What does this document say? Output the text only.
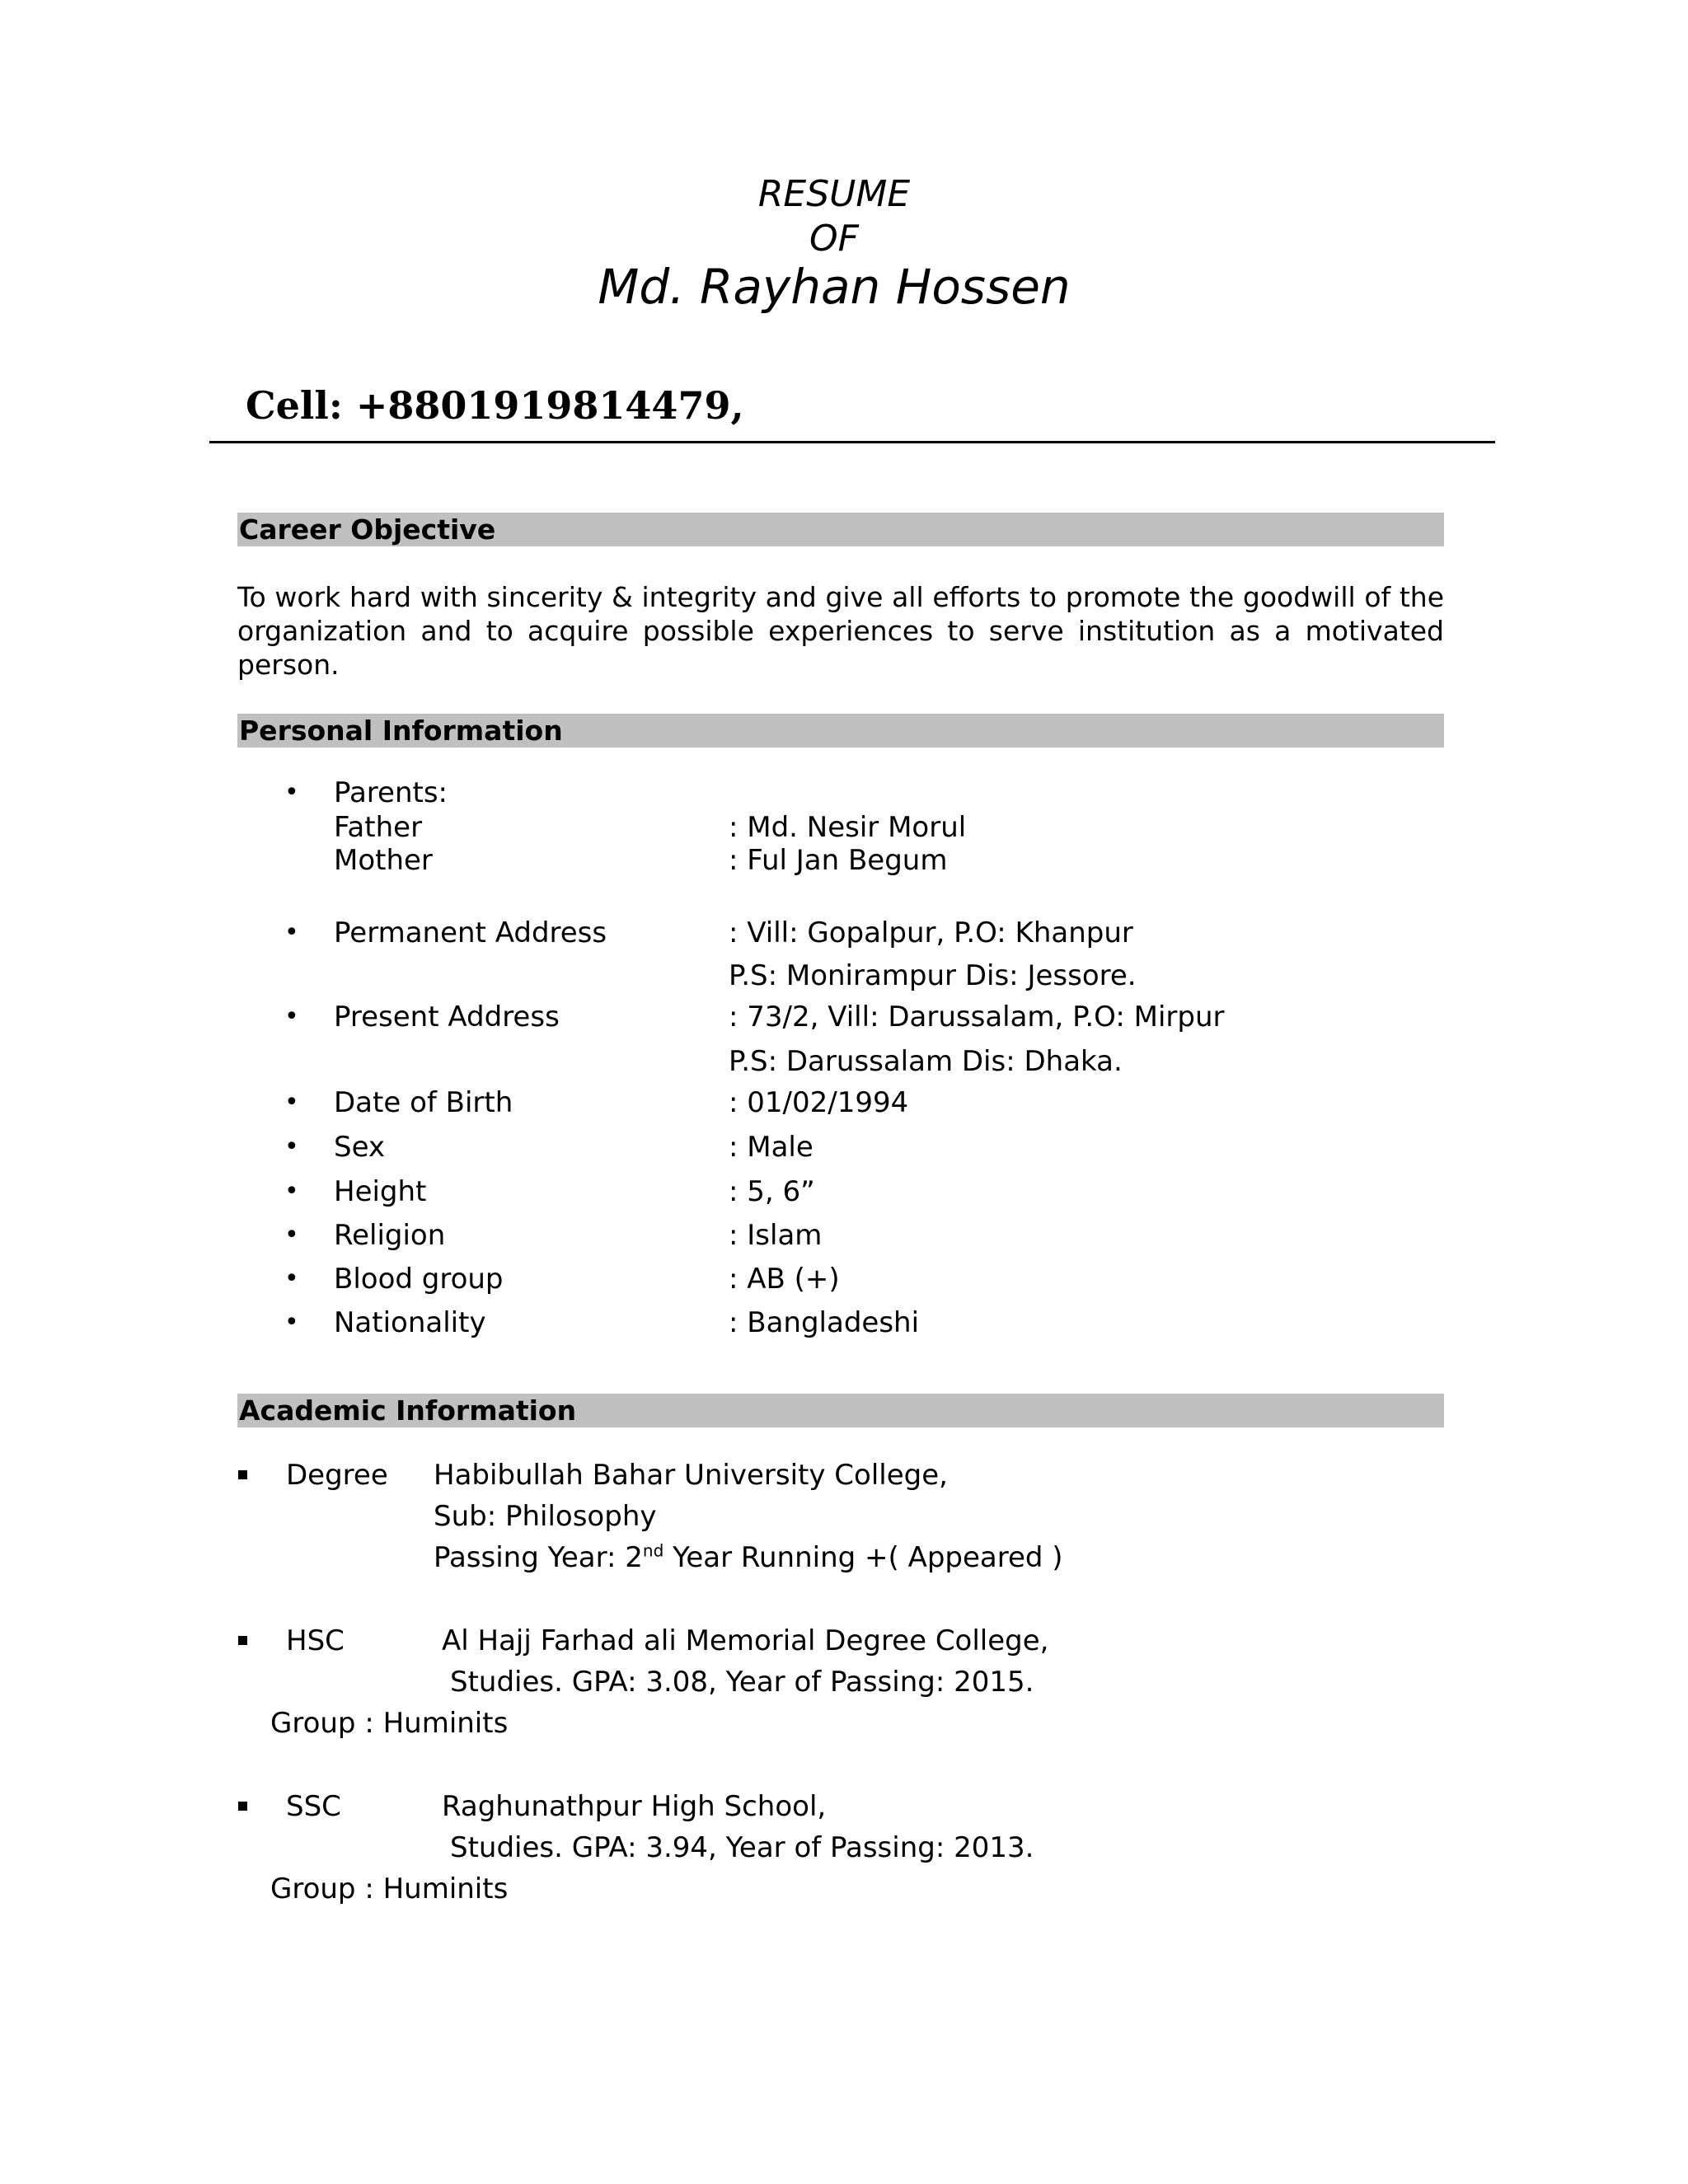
RESUME
OF
Md. Rayhan Hossen
Cell: +8801919814479,
Career Objective
To work hard with sincerity & integrity and give all efforts to promote the goodwill of the organization and to acquire possible experiences to serve institution as a motivated person.
Personal Information
• Parents:
Father	: Md. Nesir Morul
Mother	: Ful Jan Begum
• Permanent Address	: Vill: Gopalpur, P.O: Khanpur
P.S: Monirampur Dis: Jessore.
• Present Address	: 73/2, Vill: Darussalam, P.O: Mirpur
P.S: Darussalam Dis: Dhaka.
• Date of Birth	: 01/02/1994
• Sex	: Male
• Height	: 5, 6”
• Religion	: Islam
• Blood group	: AB (+)
• Nationality	: Bangladeshi
Academic Information
Degree Habibullah Bahar University College,
Sub: Philosophy
Passing Year: 2nd Year Running +( Appeared )
HSC	Al Hajj Farhad ali Memorial Degree College,
Studies. GPA: 3.08, Year of Passing: 2015.
Group : Huminits
SSC	Raghunathpur High School,
Studies. GPA: 3.94, Year of Passing: 2013.
Group : Huminits
